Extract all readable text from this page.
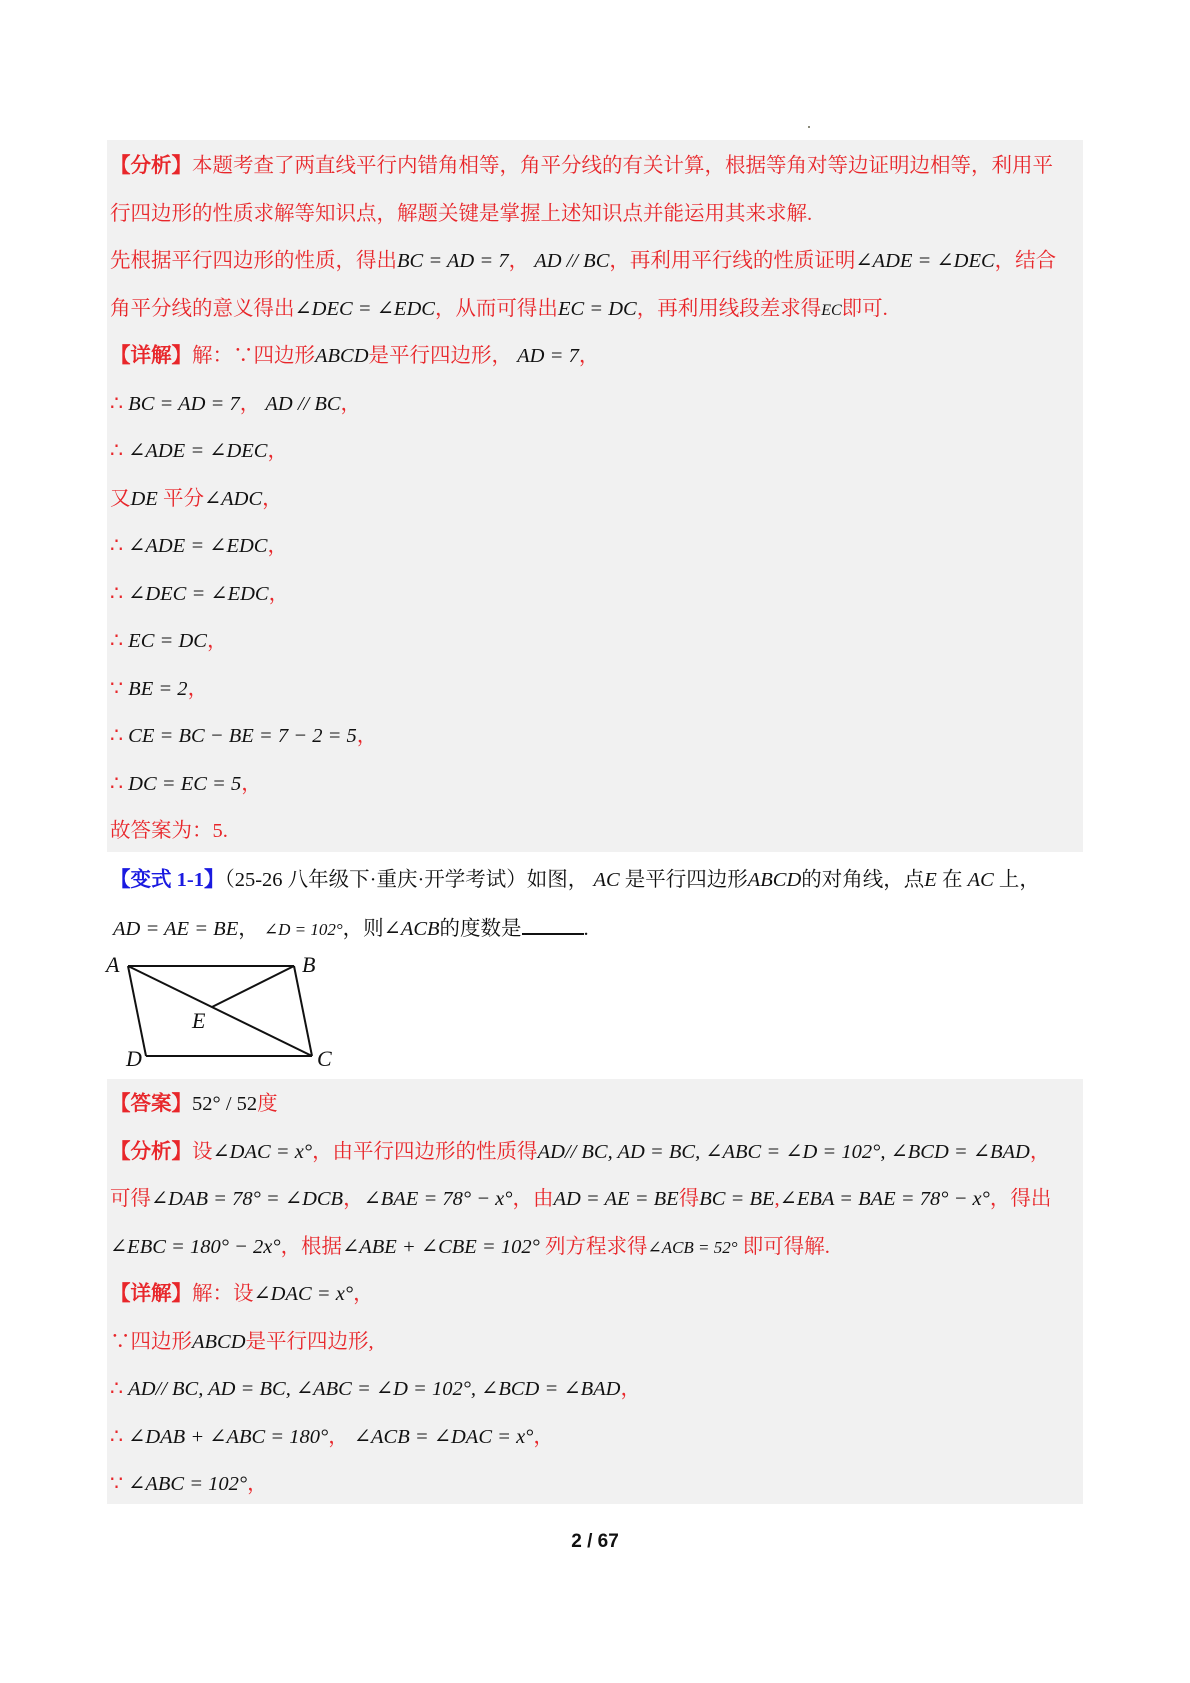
【分析】本题考查了两直线平行内错角相等，角平分线的有关计算，根据等角对等边证明边相等，利用平
行四边形的性质求解等知识点，解题关键是掌握上述知识点并能运用其来求解.
先根据平行四边形的性质，得出BC = AD = 7， AD // BC，再利用平行线的性质证明∠ADE = ∠DEC，结合
角平分线的意义得出∠DEC = ∠EDC，从而可得出EC = DC，再利用线段差求得EC即可.
【详解】解：∵四边形ABCD是平行四边形， AD = 7，
∴ BC = AD = 7， AD // BC，
∴ ∠ADE = ∠DEC，
又DE 平分∠ADC，
∴ ∠ADE = ∠EDC，
∴ ∠DEC = ∠EDC，
∴ EC = DC，
∵ BE = 2，
∴ CE = BC − BE = 7 − 2 = 5，
∴ DC = EC = 5，
故答案为：5.
【变式 1-1】（25-26 八年级下·重庆·开学考试）如图， AC 是平行四边形ABCD的对角线，点E 在 AC 上，
AD = AE = BE， ∠D = 102°，则∠ACB的度数是	.
A	B
C
D
E
【答案】52° / 52度
【分析】设∠DAC = x°，由平行四边形的性质得AD// BC, AD = BC, ∠ABC = ∠D = 102°, ∠BCD = ∠BAD，
可得∠DAB = 78° = ∠DCB，∠BAE = 78° − x°，由AD = AE = BE得BC = BE,∠EBA = BAE = 78° − x°，得出
∠EBC = 180° − 2x°，根据∠ABE + ∠CBE = 102° 列方程求得∠ACB = 52° 即可得解.
【详解】解：设∠DAC = x°，
∵四边形ABCD是平行四边形,
∴ AD// BC, AD = BC, ∠ABC = ∠D = 102°, ∠BCD = ∠BAD，
∴ ∠DAB + ∠ABC = 180°， ∠ACB = ∠DAC = x°，
∵ ∠ABC = 102°，
2 / 67
